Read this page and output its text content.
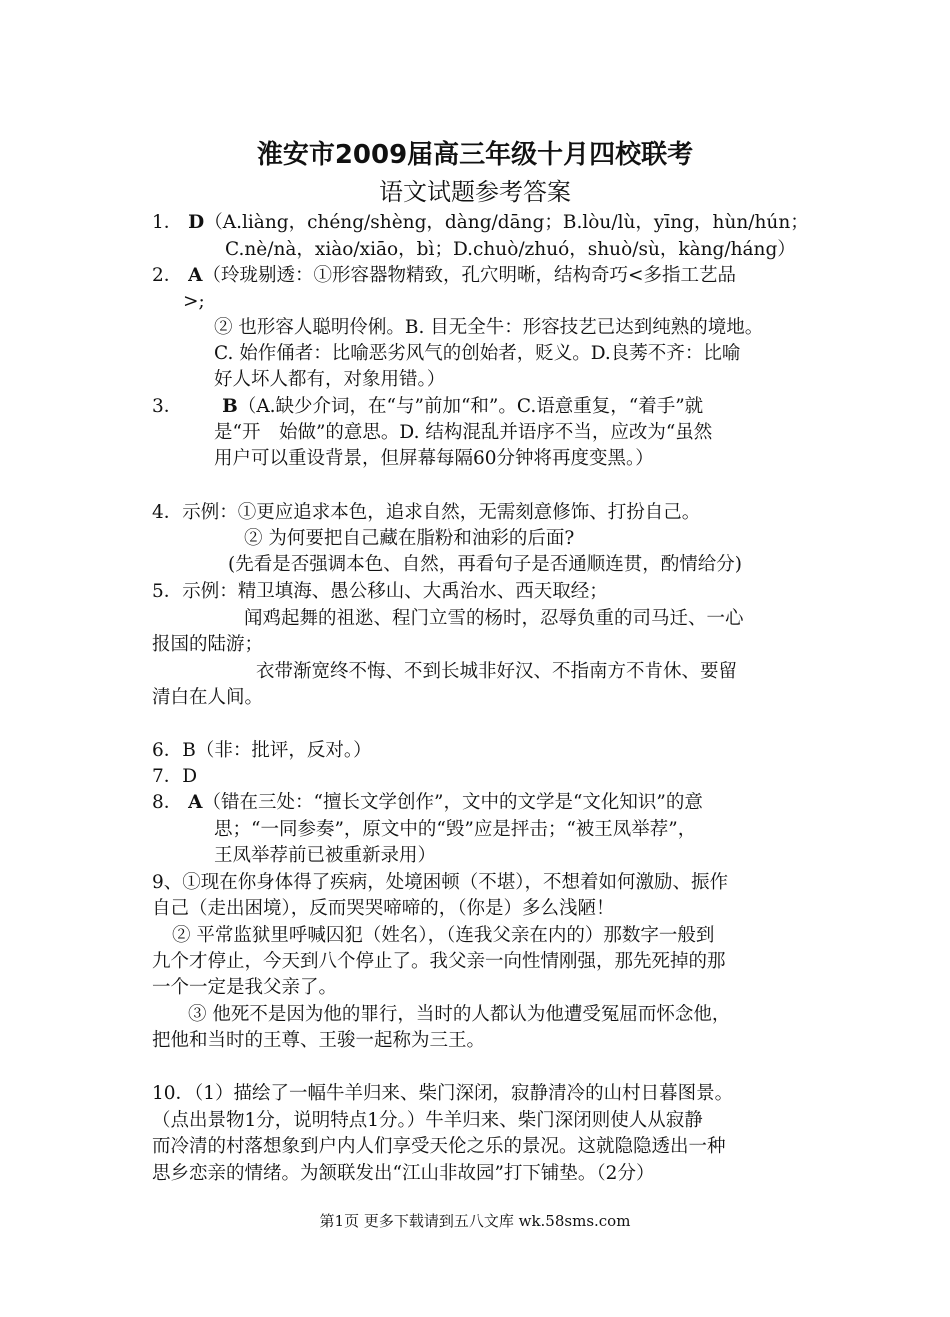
淮安市2009届高三年级十月四校联考
语文试题参考答案
1． D（A.liàng，chéng/shèng，dàng/dāng；B.lòu/lù，yīng，hùn/hún；
C.nè/nà，xiào/xiāo，bì；D.chuò/zhuó，shuò/sù，kàng/háng）
2． A（玲珑剔透：①形容器物精致，孔穴明晰，结构奇巧<多指工艺品
>;
② 也形容人聪明伶俐。B. 目无全牛：形容技艺已达到纯熟的境地。
C. 始作俑者：比喻恶劣风气的创始者，贬义。D.良莠不齐：比喻
好人坏人都有，对象用错。）
3． B（A.缺少介词，在“与”前加“和”。C.语意重复，“着手”就
是“开　始做”的意思。D. 结构混乱并语序不当，应改为“虽然
用户可以重设背景，但屏幕每隔60分钟将再度变黑。）
4．示例：①更应追求本色，追求自然，无需刻意修饰、打扮自己。
② 为何要把自己藏在脂粉和油彩的后面?
(先看是否强调本色、自然，再看句子是否通顺连贯，酌情给分)
5．示例：精卫填海、愚公移山、大禹治水、西天取经；
闻鸡起舞的祖逖、程门立雪的杨时，忍辱负重的司马迁、一心
报国的陆游；
衣带渐宽终不悔、不到长城非好汉、不指南方不肯休、要留
清白在人间。
6．B（非：批评，反对。）
7．D
8． A（错在三处：“擅长文学创作”，文中的文学是“文化知识”的意
思；“一同参奏”，原文中的“毁”应是抨击；“被王凤举荐”，
王凤举荐前已被重新录用）
9、①现在你身体得了疾病，处境困顿（不堪），不想着如何激励、振作
自己（走出困境），反而哭哭啼啼的，（你是）多么浅陋！
② 平常监狱里呼喊囚犯（姓名），（连我父亲在内的）那数字一般到
九个才停止，今天到八个停止了。我父亲一向性情刚强，那先死掉的那
一个一定是我父亲了。
③ 他死不是因为他的罪行，当时的人都认为他遭受冤屈而怀念他，
把他和当时的王尊、王骏一起称为三王。
10．（1）描绘了一幅牛羊归来、柴门深闭，寂静清冷的山村日暮图景。
（点出景物1分，说明特点1分。）牛羊归来、柴门深闭则使人从寂静
而冷清的村落想象到户内人们享受天伦之乐的景况。这就隐隐透出一种
思乡恋亲的情绪。为颔联发出“江山非故园”打下铺垫。（2分）
第1页 更多下载请到五八文库 wk.58sms.com
